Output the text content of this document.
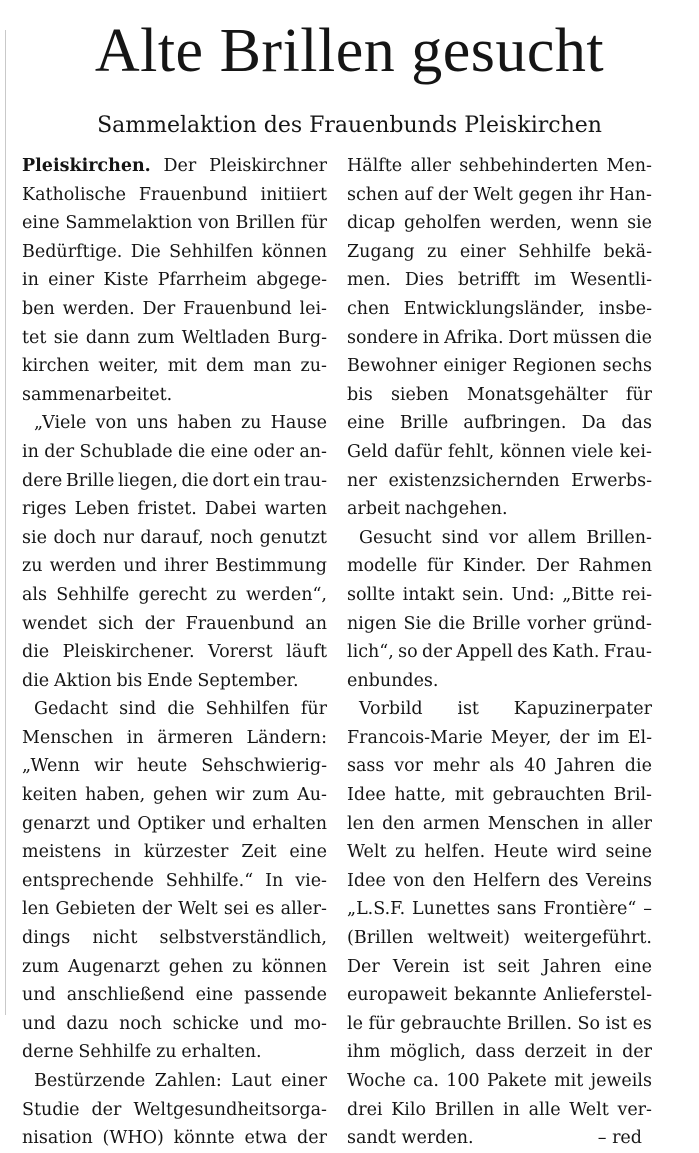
Alte Brillen gesucht
Sammelaktion des Frauenbunds Pleiskirchen
Pleiskirchen. Der Pleiskirchner
Katholische Frauenbund initiiert
eine Sammelaktion von Brillen für
Bedürftige. Die Sehhilfen können
in einer Kiste Pfarrheim abgege-
ben werden. Der Frauenbund lei-
tet sie dann zum Weltladen Burg-
kirchen weiter, mit dem man zu-
sammenarbeitet.
„Viele von uns haben zu Hause
in der Schublade die eine oder an-
dere Brille liegen, die dort ein trau-
riges Leben fristet. Dabei warten
sie doch nur darauf, noch genutzt
zu werden und ihrer Bestimmung
als Sehhilfe gerecht zu werden“,
wendet sich der Frauenbund an
die Pleiskirchener. Vorerst läuft
die Aktion bis Ende September.
Gedacht sind die Sehhilfen für
Menschen in ärmeren Ländern:
„Wenn wir heute Sehschwierig-
keiten haben, gehen wir zum Au-
genarzt und Optiker und erhalten
meistens in kürzester Zeit eine
entsprechende Sehhilfe.“ In vie-
len Gebieten der Welt sei es aller-
dings nicht selbstverständlich,
zum Augenarzt gehen zu können
und anschließend eine passende
und dazu noch schicke und mo-
derne Sehhilfe zu erhalten.
Bestürzende Zahlen: Laut einer
Studie der Weltgesundheitsorga-
nisation (WHO) könnte etwa der
Hälfte aller sehbehinderten Men-
schen auf der Welt gegen ihr Han-
dicap geholfen werden, wenn sie
Zugang zu einer Sehhilfe bekä-
men. Dies betrifft im Wesentli-
chen Entwicklungsländer, insbe-
sondere in Afrika. Dort müssen die
Bewohner einiger Regionen sechs
bis sieben Monatsgehälter für
eine Brille aufbringen. Da das
Geld dafür fehlt, können viele kei-
ner existenzsichernden Erwerbs-
arbeit nachgehen.
Gesucht sind vor allem Brillen-
modelle für Kinder. Der Rahmen
sollte intakt sein. Und: „Bitte rei-
nigen Sie die Brille vorher gründ-
lich“, so der Appell des Kath. Frau-
enbundes.
Vorbild ist Kapuzinerpater
Francois-Marie Meyer, der im El-
sass vor mehr als 40 Jahren die
Idee hatte, mit gebrauchten Bril-
len den armen Menschen in aller
Welt zu helfen. Heute wird seine
Idee von den Helfern des Vereins
„L.S.F. Lunettes sans Frontière“ –
(Brillen weltweit) weitergeführt.
Der Verein ist seit Jahren eine
europaweit bekannte Anlieferstel-
le für gebrauchte Brillen. So ist es
ihm möglich, dass derzeit in der
Woche ca. 100 Pakete mit jeweils
drei Kilo Brillen in alle Welt ver-
sandt werden.	– red
